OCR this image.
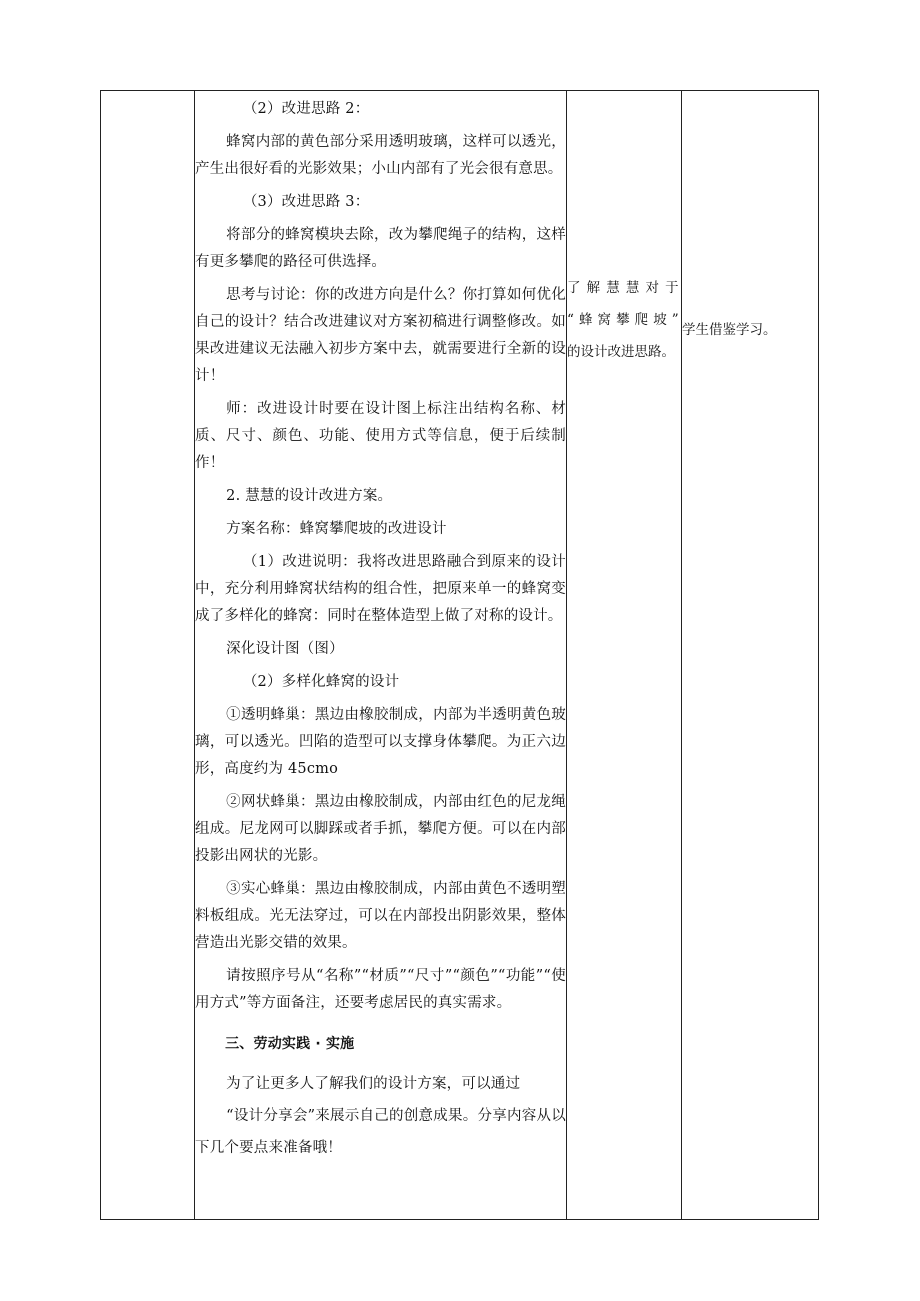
（2）改进思路 2：

蜂窝内部的黄色部分采用透明玻璃，这样可以透光，产生出很好看的光影效果；小山内部有了光会很有意思。

（3）改进思路 3：

将部分的蜂窝模块去除，改为攀爬绳子的结构，这样有更多攀爬的路径可供选择。

思考与讨论：你的改进方向是什么？你打算如何优化自己的设计？结合改进建议对方案初稿进行调整修改。如果改进建议无法融入初步方案中去，就需要进行全新的设计！

师：改进设计时要在设计图上标注出结构名称、材质、尺寸、颜色、功能、使用方式等信息，便于后续制作！

2. 慧慧的设计改进方案。

方案名称：蜂窝攀爬坡的改进设计

（1）改进说明：我将改进思路融合到原来的设计中，充分利用蜂窝状结构的组合性，把原来单一的蜂窝变成了多样化的蜂窝：同时在整体造型上做了对称的设计。

深化设计图（图）

（2）多样化蜂窝的设计

①透明蜂巢：黑边由橡胶制成，内部为半透明黄色玻璃，可以透光。凹陷的造型可以支撑身体攀爬。为正六边形，高度约为 45cmo

②网状蜂巢：黑边由橡胶制成，内部由红色的尼龙绳组成。尼龙网可以脚踩或者手抓，攀爬方便。可以在内部投影出网状的光影。

③实心蜂巢：黑边由橡胶制成，内部由黄色不透明塑料板组成。光无法穿过，可以在内部投出阴影效果，整体营造出光影交错的效果。

请按照序号从“名称”“材质”“尺寸”“颜色”“功能”“使用方式”等方面备注，还要考虑居民的真实需求。

三、劳动实践 · 实施

为了让更多人了解我们的设计方案，可以通过

“设计分享会”来展示自己的创意成果。分享内容从以下几个要点来准备哦！

了解慧慧对于

“蜂窝攀爬坡”

的设计改进思路。

学生借鉴学习。
